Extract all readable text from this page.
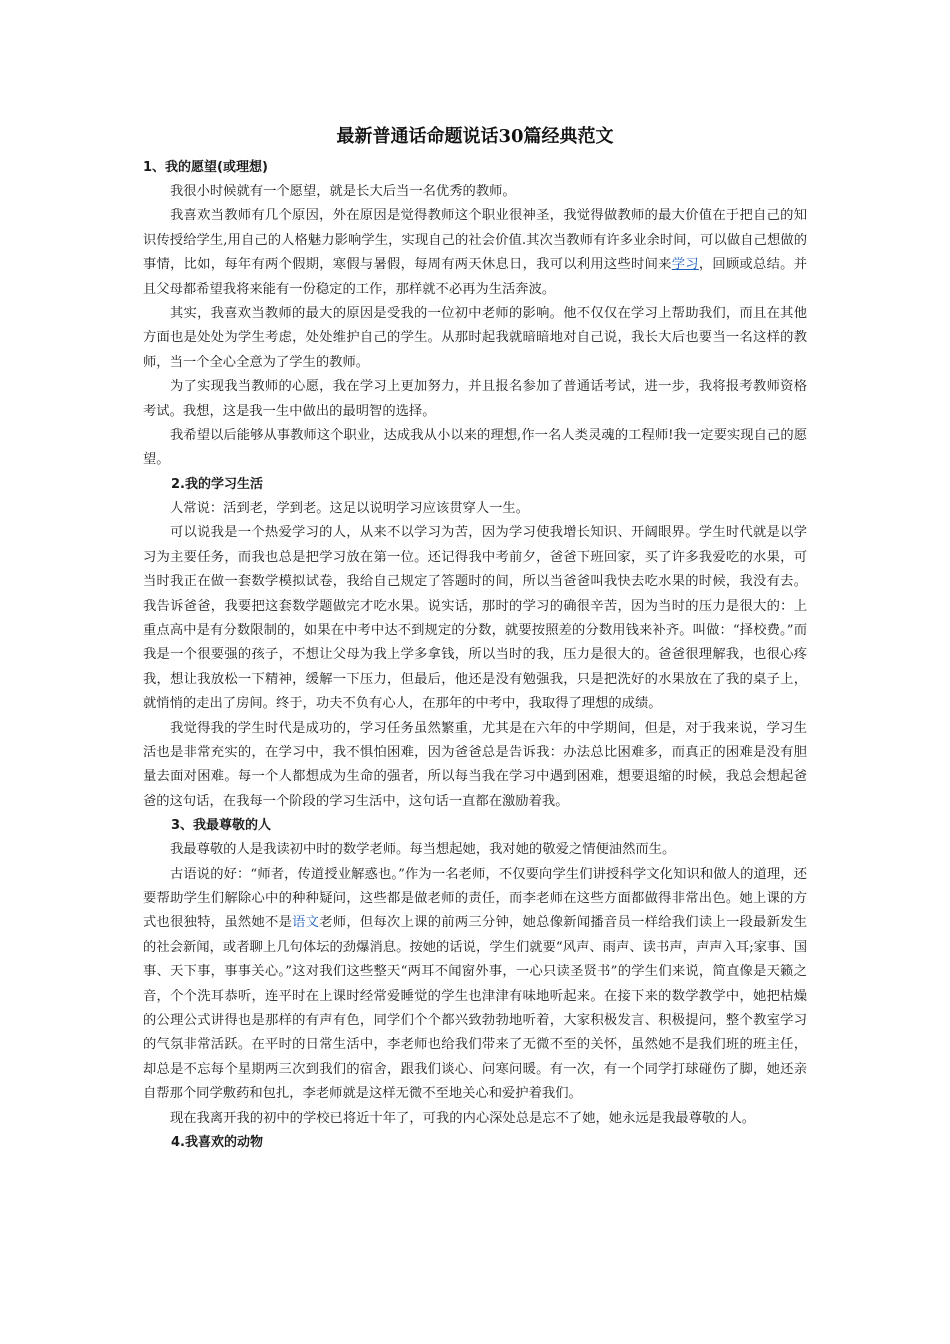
最新普通话命题说话30篇经典范文

1、我的愿望(或理想)

我很小时候就有一个愿望，就是长大后当一名优秀的教师。

我喜欢当教师有几个原因，外在原因是觉得教师这个职业很神圣，我觉得做教师的最大价值在于把自己的知识传授给学生,用自己的人格魅力影响学生，实现自己的社会价值.其次当教师有许多业余时间，可以做自己想做的事情，比如，每年有两个假期，寒假与暑假，每周有两天休息日，我可以利用这些时间来学习，回顾或总结。并且父母都希望我将来能有一份稳定的工作，那样就不必再为生活奔波。

其实，我喜欢当教师的最大的原因是受我的一位初中老师的影响。他不仅仅在学习上帮助我们，而且在其他方面也是处处为学生考虑，处处维护自己的学生。从那时起我就暗暗地对自己说，我长大后也要当一名这样的教师，当一个全心全意为了学生的教师。

为了实现我当教师的心愿，我在学习上更加努力，并且报名参加了普通话考试，进一步，我将报考教师资格考试。我想，这是我一生中做出的最明智的选择。

我希望以后能够从事教师这个职业，达成我从小以来的理想,作一名人类灵魂的工程师!我一定要实现自己的愿望。

2.我的学习生活

人常说：活到老，学到老。这足以说明学习应该贯穿人一生。

可以说我是一个热爱学习的人，从来不以学习为苦，因为学习使我增长知识、开阔眼界。学生时代就是以学习为主要任务，而我也总是把学习放在第一位。还记得我中考前夕，爸爸下班回家，买了许多我爱吃的水果，可当时我正在做一套数学模拟试卷，我给自己规定了答题时的间，所以当爸爸叫我快去吃水果的时候，我没有去。我告诉爸爸，我要把这套数学题做完才吃水果。说实话，那时的学习的确很辛苦，因为当时的压力是很大的：上重点高中是有分数限制的，如果在中考中达不到规定的分数，就要按照差的分数用钱来补齐。叫做：“择校费。”而我是一个很要强的孩子，不想让父母为我上学多拿钱，所以当时的我，压力是很大的。爸爸很理解我，也很心疼我，想让我放松一下精神，缓解一下压力，但最后，他还是没有勉强我，只是把洗好的水果放在了我的桌子上，就悄悄的走出了房间。终于，功夫不负有心人，在那年的中考中，我取得了理想的成绩。

我觉得我的学生时代是成功的，学习任务虽然繁重，尤其是在六年的中学期间，但是，对于我来说，学习生活也是非常充实的，在学习中，我不惧怕困难，因为爸爸总是告诉我：办法总比困难多，而真正的困难是没有胆量去面对困难。每一个人都想成为生命的强者，所以每当我在学习中遇到困难，想要退缩的时候，我总会想起爸爸的这句话，在我每一个阶段的学习生活中，这句话一直都在激励着我。

3、我最尊敬的人

我最尊敬的人是我读初中时的数学老师。每当想起她，我对她的敬爱之情便油然而生。

古语说的好：“师者，传道授业解惑也。”作为一名老师，不仅要向学生们讲授科学文化知识和做人的道理，还要帮助学生们解除心中的种种疑问，这些都是做老师的责任，而李老师在这些方面都做得非常出色。她上课的方式也很独特，虽然她不是语文老师，但每次上课的前两三分钟，她总像新闻播音员一样给我们读上一段最新发生的社会新闻，或者聊上几句体坛的劲爆消息。按她的话说，学生们就要“风声、雨声、读书声，声声入耳;家事、国事、天下事，事事关心。”这对我们这些整天“两耳不闻窗外事，一心只读圣贤书”的学生们来说，简直像是天籁之音，个个洗耳恭听，连平时在上课时经常爱睡觉的学生也津津有味地听起来。在接下来的数学教学中，她把枯燥的公理公式讲得也是那样的有声有色，同学们个个都兴致勃勃地听着，大家积极发言、积极提问，整个教室学习的气氛非常活跃。在平时的日常生活中，李老师也给我们带来了无微不至的关怀，虽然她不是我们班的班主任，却总是不忘每个星期两三次到我们的宿舍，跟我们谈心、问寒问暖。有一次，有一个同学打球碰伤了脚，她还亲自帮那个同学敷药和包扎，李老师就是这样无微不至地关心和爱护着我们。

现在我离开我的初中的学校已将近十年了，可我的内心深处总是忘不了她，她永远是我最尊敬的人。

4.我喜欢的动物
